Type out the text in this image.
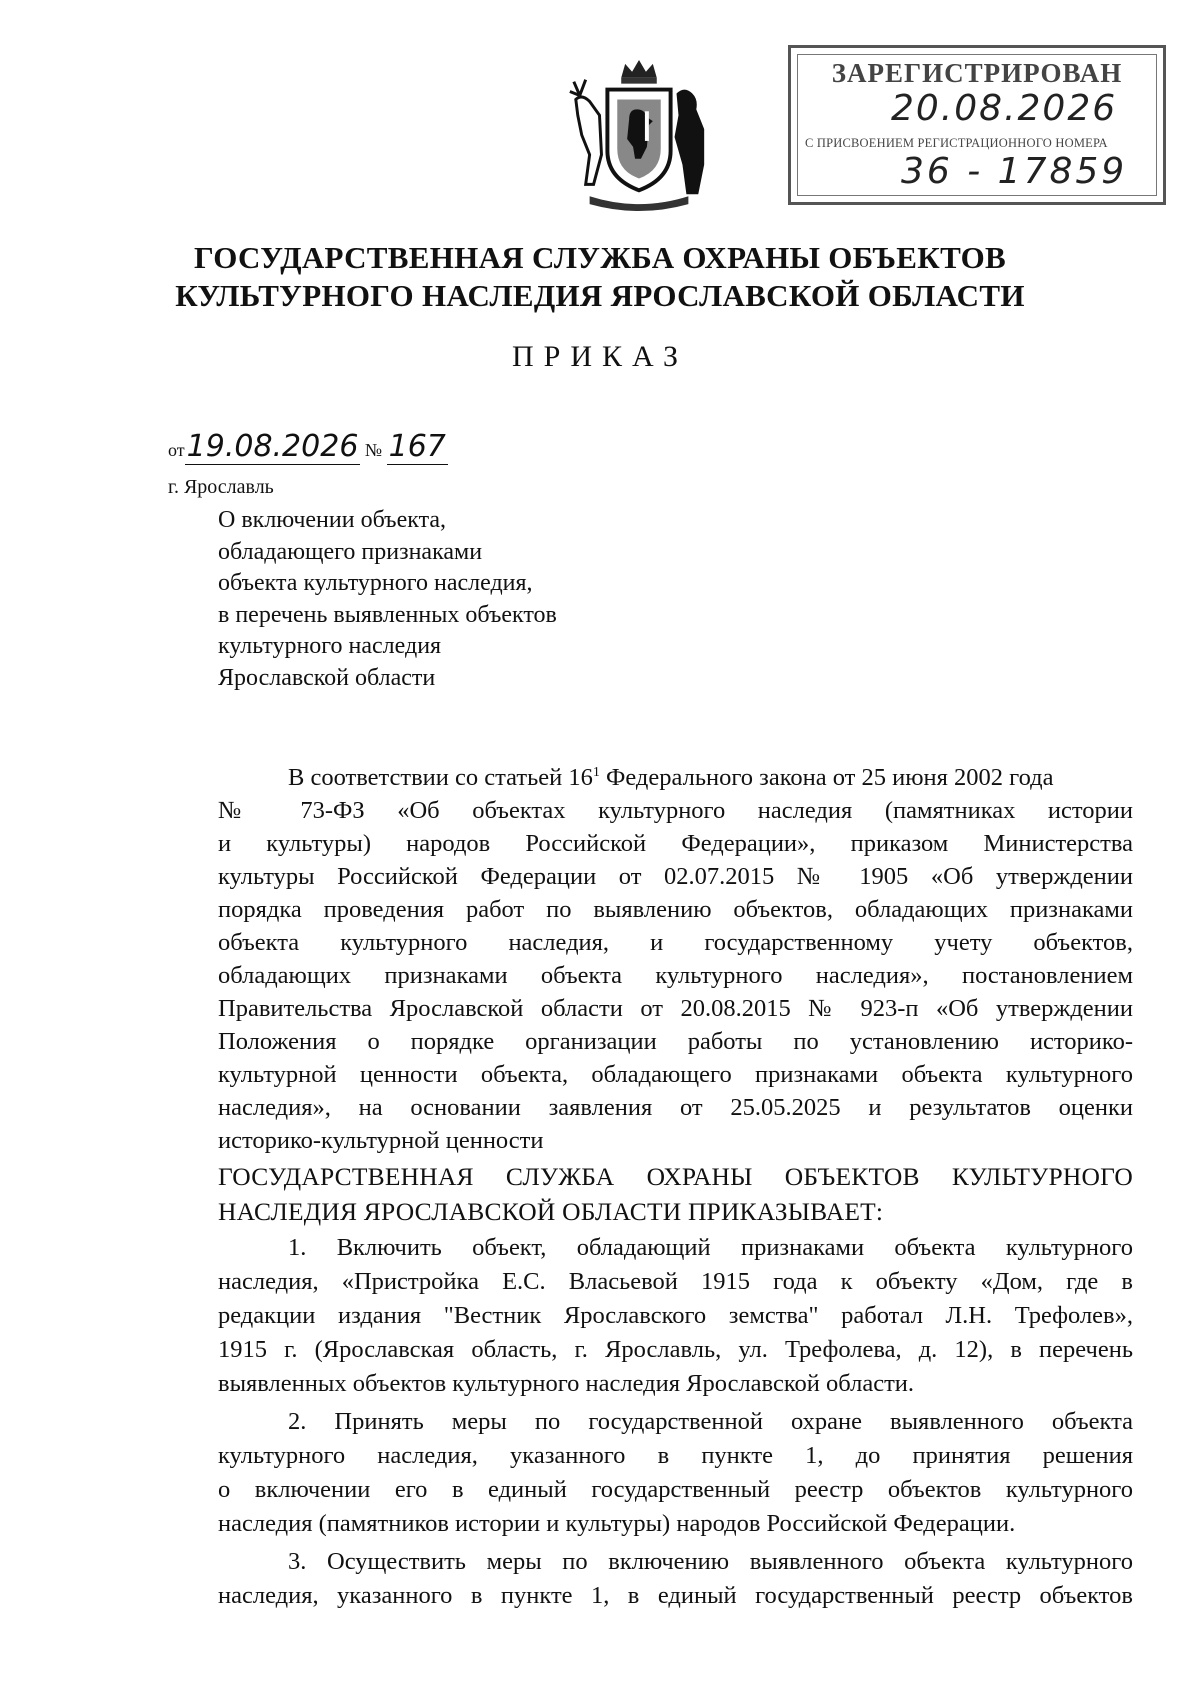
ЗАРЕГИСТРИРОВАН
20.08.2026
С ПРИСВОЕНИЕМ РЕГИСТРАЦИОННОГО НОМЕРА
36 - 17859
ГОСУДАРСТВЕННАЯ СЛУЖБА ОХРАНЫ ОБЪЕКТОВ
КУЛЬТУРНОГО НАСЛЕДИЯ ЯРОСЛАВСКОЙ ОБЛАСТИ
ПРИКАЗ
от19.08.2026 № 167
г. Ярославль
О включении объекта,
обладающего признаками
объекта культурного наследия,
в перечень выявленных объектов
культурного наследия
Ярославской области
В соответствии со статьей $16^1$ Федерального закона от 25 июня 2002 года
№ 73-ФЗ «Об объектах культурного наследия (памятниках истории
и культуры) народов Российской Федерации», приказом Министерства
культуры Российской Федерации от 02.07.2015 № 1905 «Об утверждении
порядка проведения работ по выявлению объектов, обладающих признаками
объекта культурного наследия, и государственному учету объектов,
обладающих признаками объекта культурного наследия», постановлением
Правительства Ярославской области от 20.08.2015 № 923-п «Об утверждении
Положения о порядке организации работы по установлению историко-
культурной ценности объекта, обладающего признаками объекта культурного
наследия», на основании заявления от 25.05.2025 и результатов оценки
историко-культурной ценности
ГОСУДАРСТВЕННАЯ СЛУЖБА ОХРАНЫ ОБЪЕКТОВ КУЛЬТУРНОГО
НАСЛЕДИЯ ЯРОСЛАВСКОЙ ОБЛАСТИ ПРИКАЗЫВАЕТ:
1. Включить объект, обладающий признаками объекта культурного
наследия, «Пристройка Е.С. Власьевой 1915 года к объекту «Дом, где в
редакции издания "Вестник Ярославского земства" работал Л.Н. Трефолев»,
1915 г. (Ярославская область, г. Ярославль, ул. Трефолева, д. 12), в перечень
выявленных объектов культурного наследия Ярославской области.
2. Принять меры по государственной охране выявленного объекта
культурного наследия, указанного в пункте 1, до принятия решения
о включении его в единый государственный реестр объектов культурного
наследия (памятников истории и культуры) народов Российской Федерации.
3. Осуществить меры по включению выявленного объекта культурного
наследия, указанного в пункте 1, в единый государственный реестр объектов
